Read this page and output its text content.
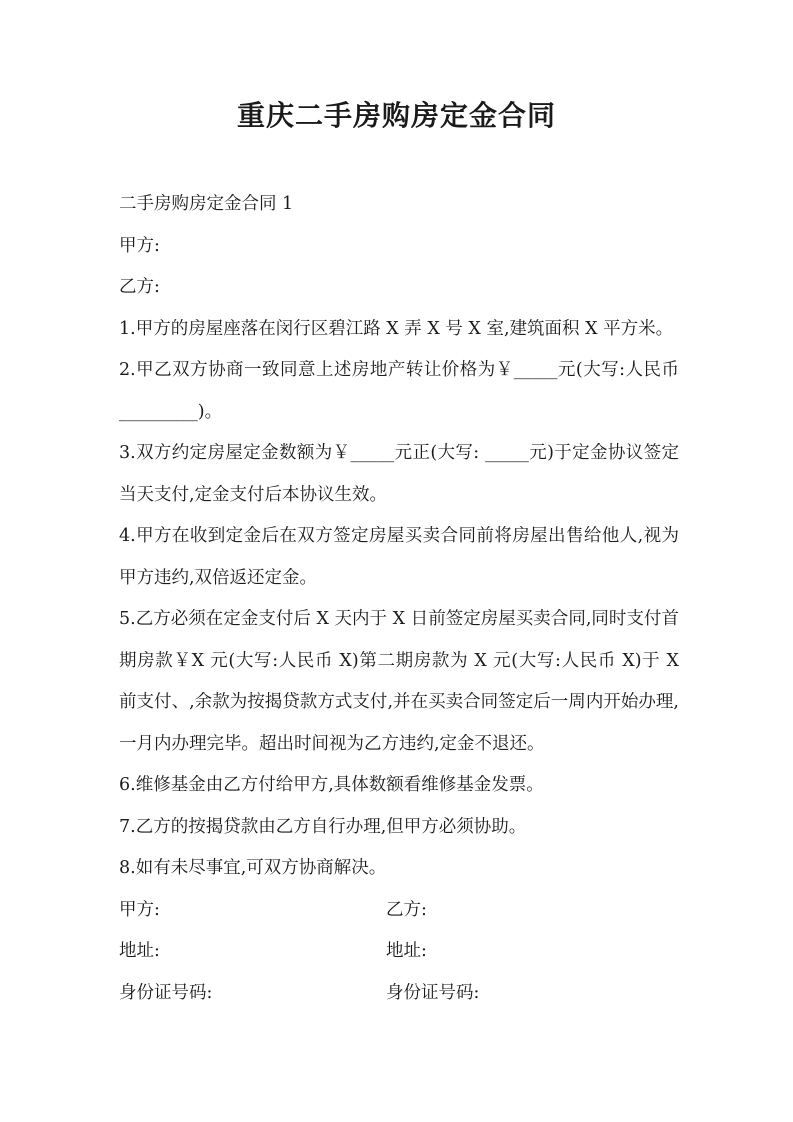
重庆二手房购房定金合同

二手房购房定金合同 1

甲方:

乙方:

1.甲方的房屋座落在闵行区碧江路 X 弄 X 号 X 室,建筑面积 X 平方米。

2.甲乙双方协商一致同意上述房地产转让价格为￥_____元(大写:人民币_________)。

3.双方约定房屋定金数额为￥_____元正(大写: _____元)于定金协议签定当天支付,定金支付后本协议生效。

4.甲方在收到定金后在双方签定房屋买卖合同前将房屋出售给他人,视为甲方违约,双倍返还定金。

5.乙方必须在定金支付后 X 天内于 X 日前签定房屋买卖合同,同时支付首期房款￥X 元(大写:人民币 X)第二期房款为 X 元(大写:人民币 X)于 X 前支付、,余款为按揭贷款方式支付,并在买卖合同签定后一周内开始办理,一月内办理完毕。超出时间视为乙方违约,定金不退还。

6.维修基金由乙方付给甲方,具体数额看维修基金发票。

7.乙方的按揭贷款由乙方自行办理,但甲方必须协助。

8.如有未尽事宜,可双方协商解决。

甲方:	乙方:
地址:	地址:
身份证号码:	身份证号码:
